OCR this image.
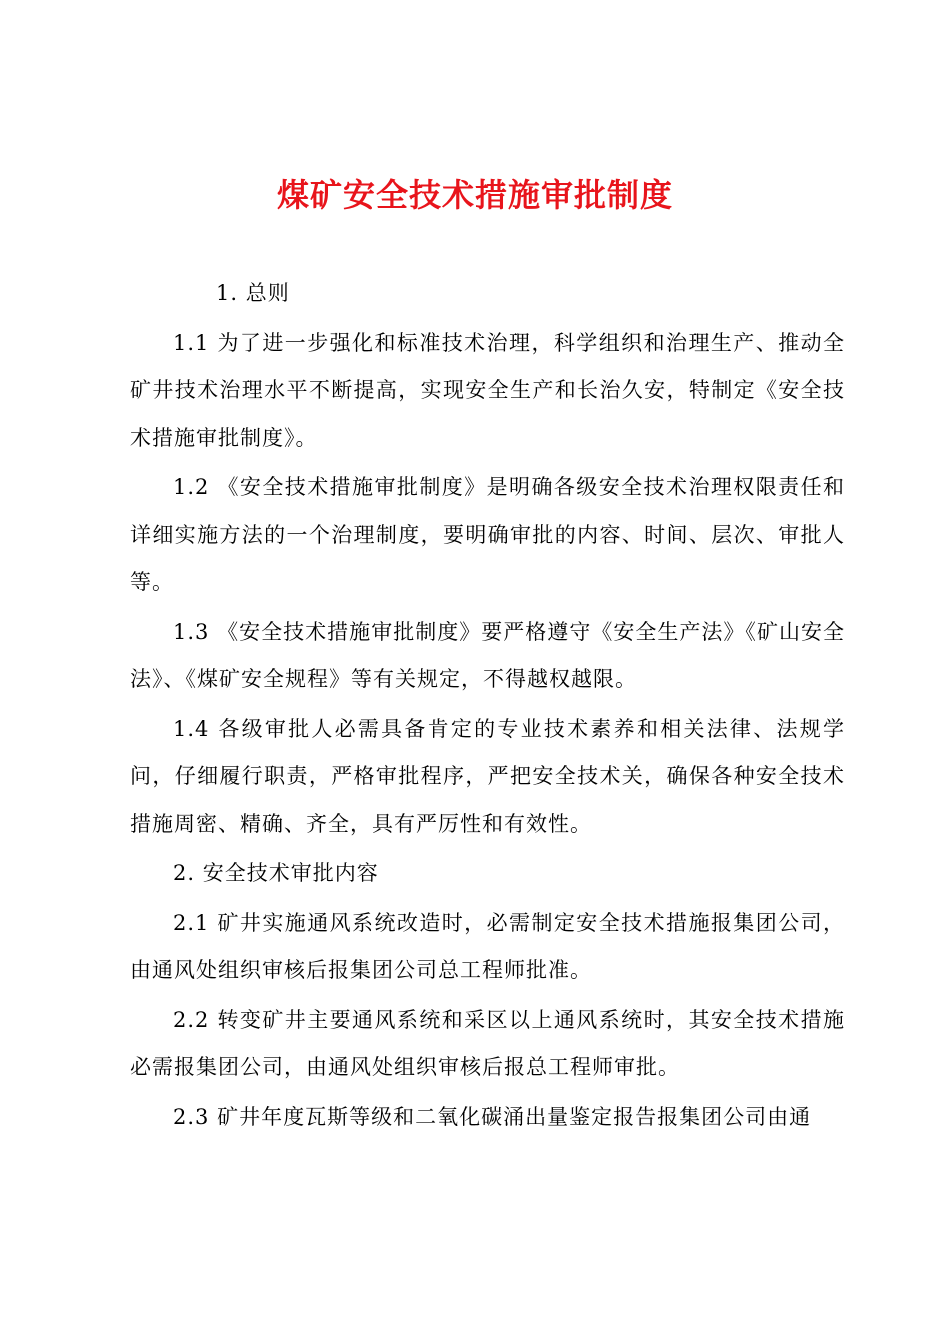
煤矿安全技术措施审批制度

1. 总则

1.1 为了进一步强化和标准技术治理，科学组织和治理生产、推动全矿井技术治理水平不断提高，实现安全生产和长治久安，特制定《安全技术措施审批制度》。

1.2 《安全技术措施审批制度》是明确各级安全技术治理权限责任和详细实施方法的一个治理制度，要明确审批的内容、时间、层次、审批人等。

1.3 《安全技术措施审批制度》要严格遵守《安全生产法》《矿山安全法》、《煤矿安全规程》等有关规定，不得越权越限。

1.4 各级审批人必需具备肯定的专业技术素养和相关法律、法规学问，仔细履行职责，严格审批程序，严把安全技术关，确保各种安全技术措施周密、精确、齐全，具有严厉性和有效性。

2. 安全技术审批内容

2.1 矿井实施通风系统改造时，必需制定安全技术措施报集团公司，由通风处组织审核后报集团公司总工程师批准。

2.2 转变矿井主要通风系统和采区以上通风系统时，其安全技术措施必需报集团公司，由通风处组织审核后报总工程师审批。

2.3 矿井年度瓦斯等级和二氧化碳涌出量鉴定报告报集团公司由通
